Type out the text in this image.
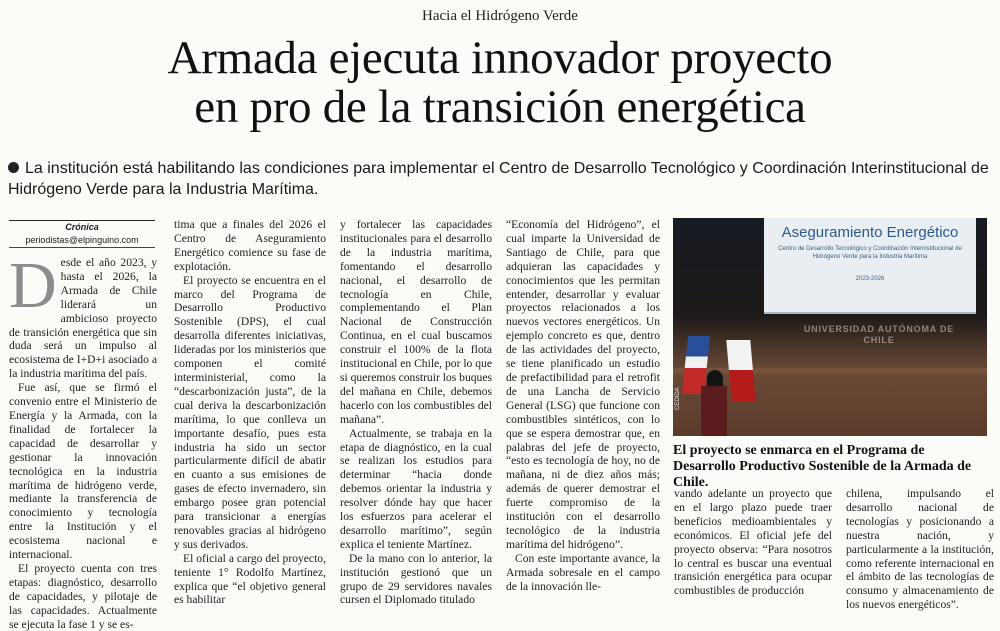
Hacia el Hidrógeno Verde
Armada ejecuta innovador proyecto
en pro de la transición energética
La institución está habilitando las condiciones para implementar el Centro de Desarrollo Tecnológico y Coordinación Interinstitucional de Hidrógeno Verde para la Industria Marítima.
Crónica
periodistas@elpinguino.com

Desde el año 2023, y hasta el 2026, la Armada de Chile liderará un ambicioso proyecto de transición energética que sin duda será un impulso al ecosistema de I+D+i asociado a la industria marítima del país.

Fue así, que se firmó el convenio entre el Ministerio de Energía y la Armada, con la finalidad de fortalecer la capacidad de desarrollar y gestionar la innovación tecnológica en la industria marítima de hidrógeno verde, mediante la transferencia de conocimiento y tecnología entre la Institución y el ecosistema nacional e internacional.

El proyecto cuenta con tres etapas: diagnóstico, desarrollo de capacidades, y pilotaje de las capacidades. Actualmente se ejecuta la fase 1 y se es-

tima que a finales del 2026 el Centro de Aseguramiento Energético comience su fase de explotación.

El proyecto se encuentra en el marco del Programa de Desarrollo Productivo Sostenible (DPS), el cual desarrolla diferentes iniciativas, lideradas por los ministerios que componen el comité interministerial, como la “descarbonización justa”, de la cual deriva la descarbonización marítima, lo que conlleva un importante desafío, pues esta industria ha sido un sector particularmente difícil de abatir en cuanto a sus emisiones de gases de efecto invernadero, sin embargo posee gran potencial para transicionar a energías renovables gracias al hidrógeno y sus derivados.

El oficial a cargo del proyecto, teniente 1° Rodolfo Martínez, explica que “el objetivo general es habilitar

y fortalecer las capacidades institucionales para el desarrollo de la industria marítima, fomentando el desarrollo nacional, el desarrollo de tecnología en Chile, complementando el Plan Nacional de Construcción Continua, en el cual buscamos construir el 100% de la flota institucional en Chile, por lo que si queremos construir los buques del mañana en Chile, debemos hacerlo con los combustibles del mañana”.

Actualmente, se trabaja en la etapa de diagnóstico, en la cual se realizan los estudios para determinar “hacia donde debemos orientar la industria y resolver dónde hay que hacer los esfuerzos para acelerar el desarrollo marítimo”, según explica el teniente Martínez.

De la mano con lo anterior, la institución gestionó que un grupo de 29 servidores navales cursen el Diplomado titulado

“Economía del Hidrógeno”, el cual imparte la Universidad de Santiago de Chile, para que adquieran las capacidades y conocimientos que les permitan entender, desarrollar y evaluar proyectos relacionados a los nuevos vectores energéticos. Un ejemplo concreto es que, dentro de las actividades del proyecto, se tiene planificado un estudio de prefactibilidad para el retrofit de una Lancha de Servicio General (LSG) que funcione con combustibles sintéticos, con lo que se espera demostrar que, en palabras del jefe de proyecto, “esto es tecnología de hoy, no de mañana, ni de diez años más; además de querer demostrar el fuerte compromiso de la institución con el desarrollo tecnológico de la industria marítima del hidrógeno”.

Con este importante avance, la Armada sobresale en el campo de la innovación lle-

Aseguramiento Energético
Centro de Desarrollo Tecnológico y Coordinación Interinstitucional de Hidrógeno Verde para la Industria Marítima
2023-2026
UNIVERSIDAD AUTÓNOMA DE CHILE
CEDIDA
El proyecto se enmarca en el Programa de Desarrollo Productivo Sostenible de la Armada de Chile.

vando adelante un proyecto que en el largo plazo puede traer beneficios medioambientales y económicos. El oficial jefe del proyecto observa: “Para nosotros lo central es buscar una eventual transición energética para ocupar combustibles de producción

chilena, impulsando el desarrollo nacional de tecnologías y posicionando a nuestra nación, y particularmente a la institución, como referente internacional en el ámbito de las tecnologías de consumo y almacenamiento de los nuevos energéticos”.
